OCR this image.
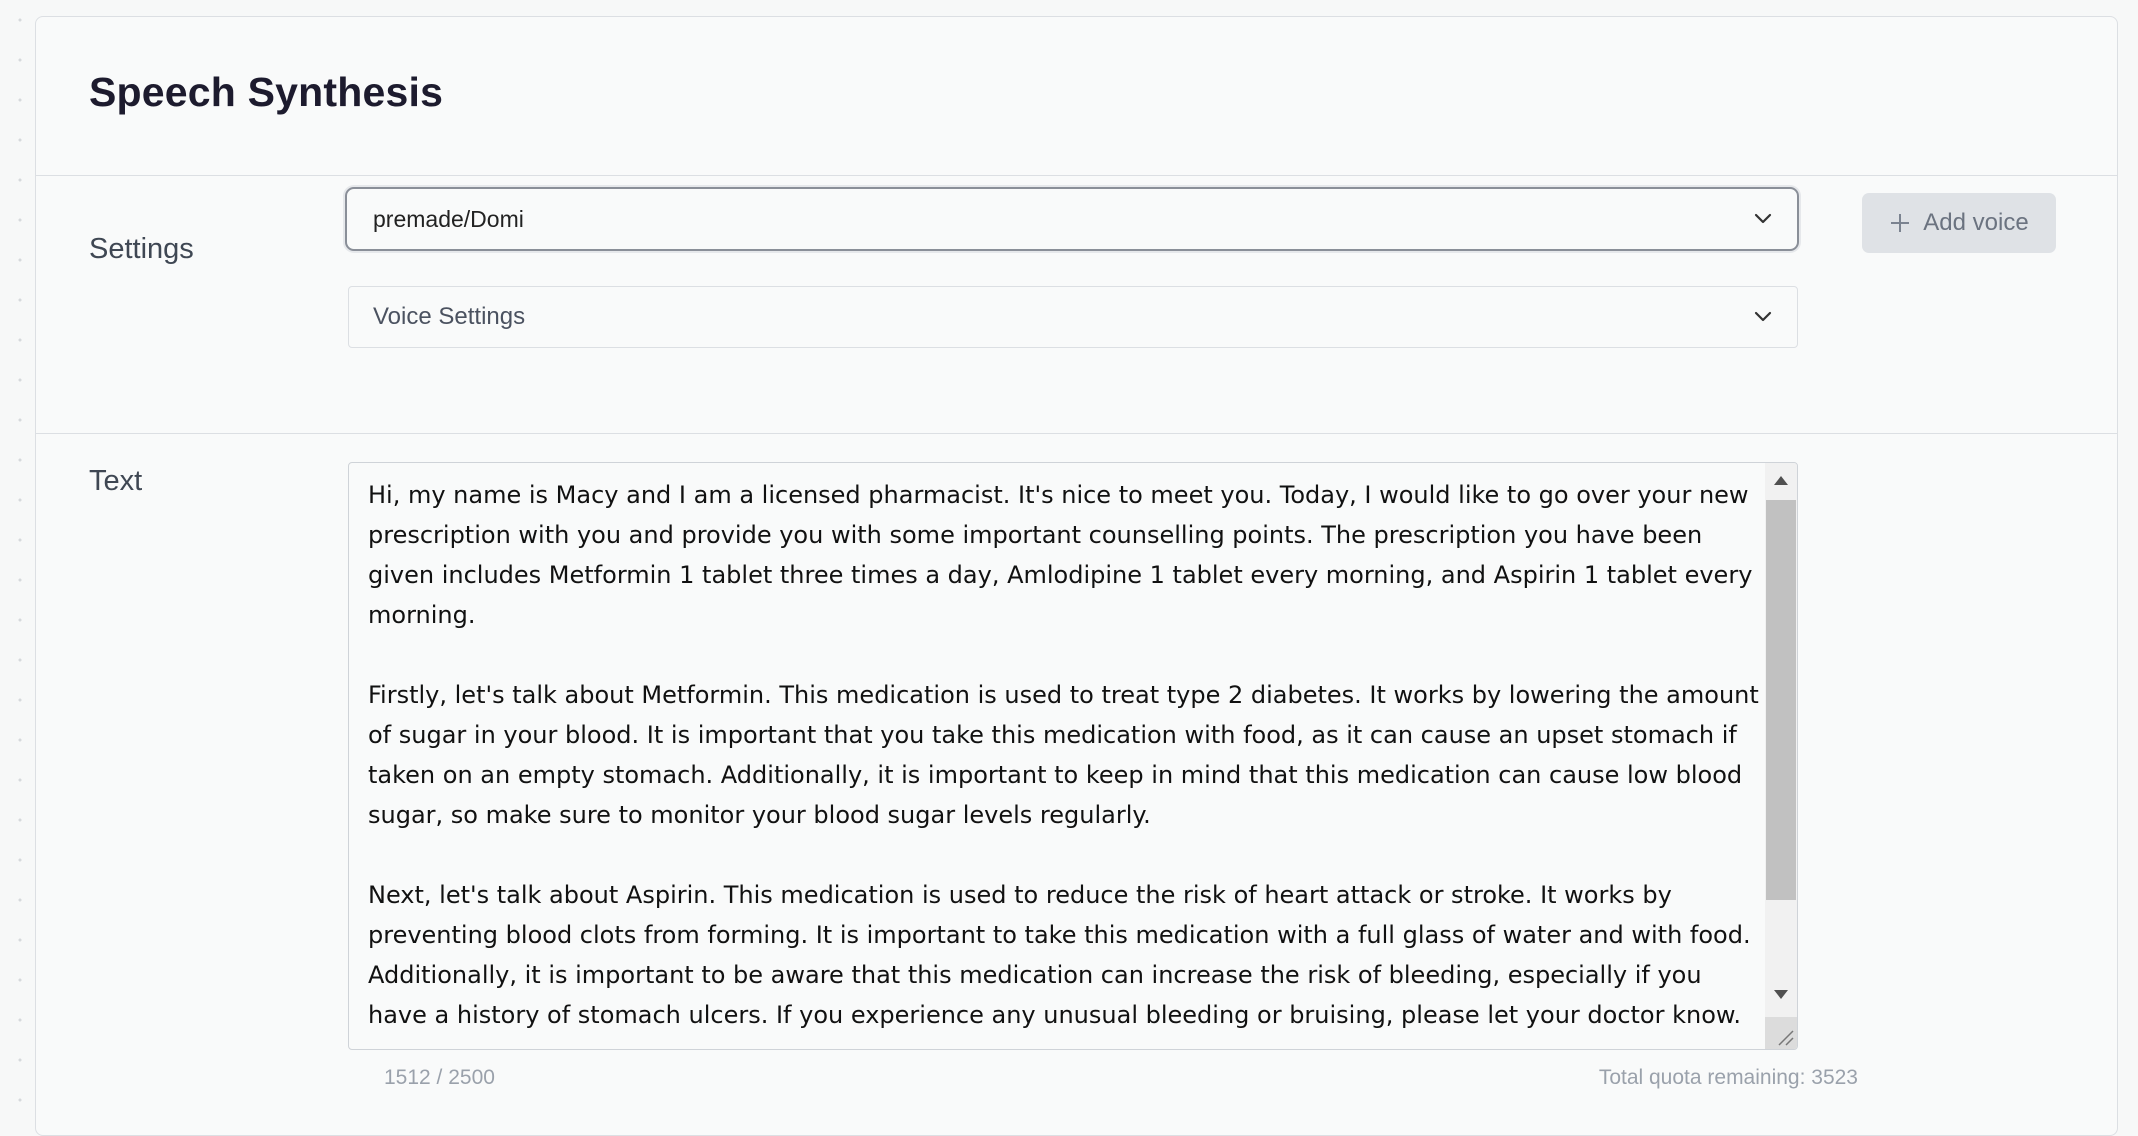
Speech Synthesis
Settings
Text
premade/Domi	Add voice
Voice Settings

Hi, my name is Macy and I am a licensed pharmacist. It's nice to meet you. Today, I would like to go over your new prescription with you and provide you with some important counselling points. The prescription you have been given includes Metformin 1 tablet three times a day, Amlodipine 1 tablet every morning, and Aspirin 1 tablet every morning.

Firstly, let's talk about Metformin. This medication is used to treat type 2 diabetes. It works by lowering the amount of sugar in your blood. It is important that you take this medication with food, as it can cause an upset stomach if taken on an empty stomach. Additionally, it is important to keep in mind that this medication can cause low blood sugar, so make sure to monitor your blood sugar levels regularly.

Next, let's talk about Aspirin. This medication is used to reduce the risk of heart attack or stroke. It works by preventing blood clots from forming. It is important to take this medication with a full glass of water and with food. Additionally, it is important to be aware that this medication can increase the risk of bleeding, especially if you have a history of stomach ulcers. If you experience any unusual bleeding or bruising, please let your doctor know.

1512 / 2500	Total quota remaining: 3523
